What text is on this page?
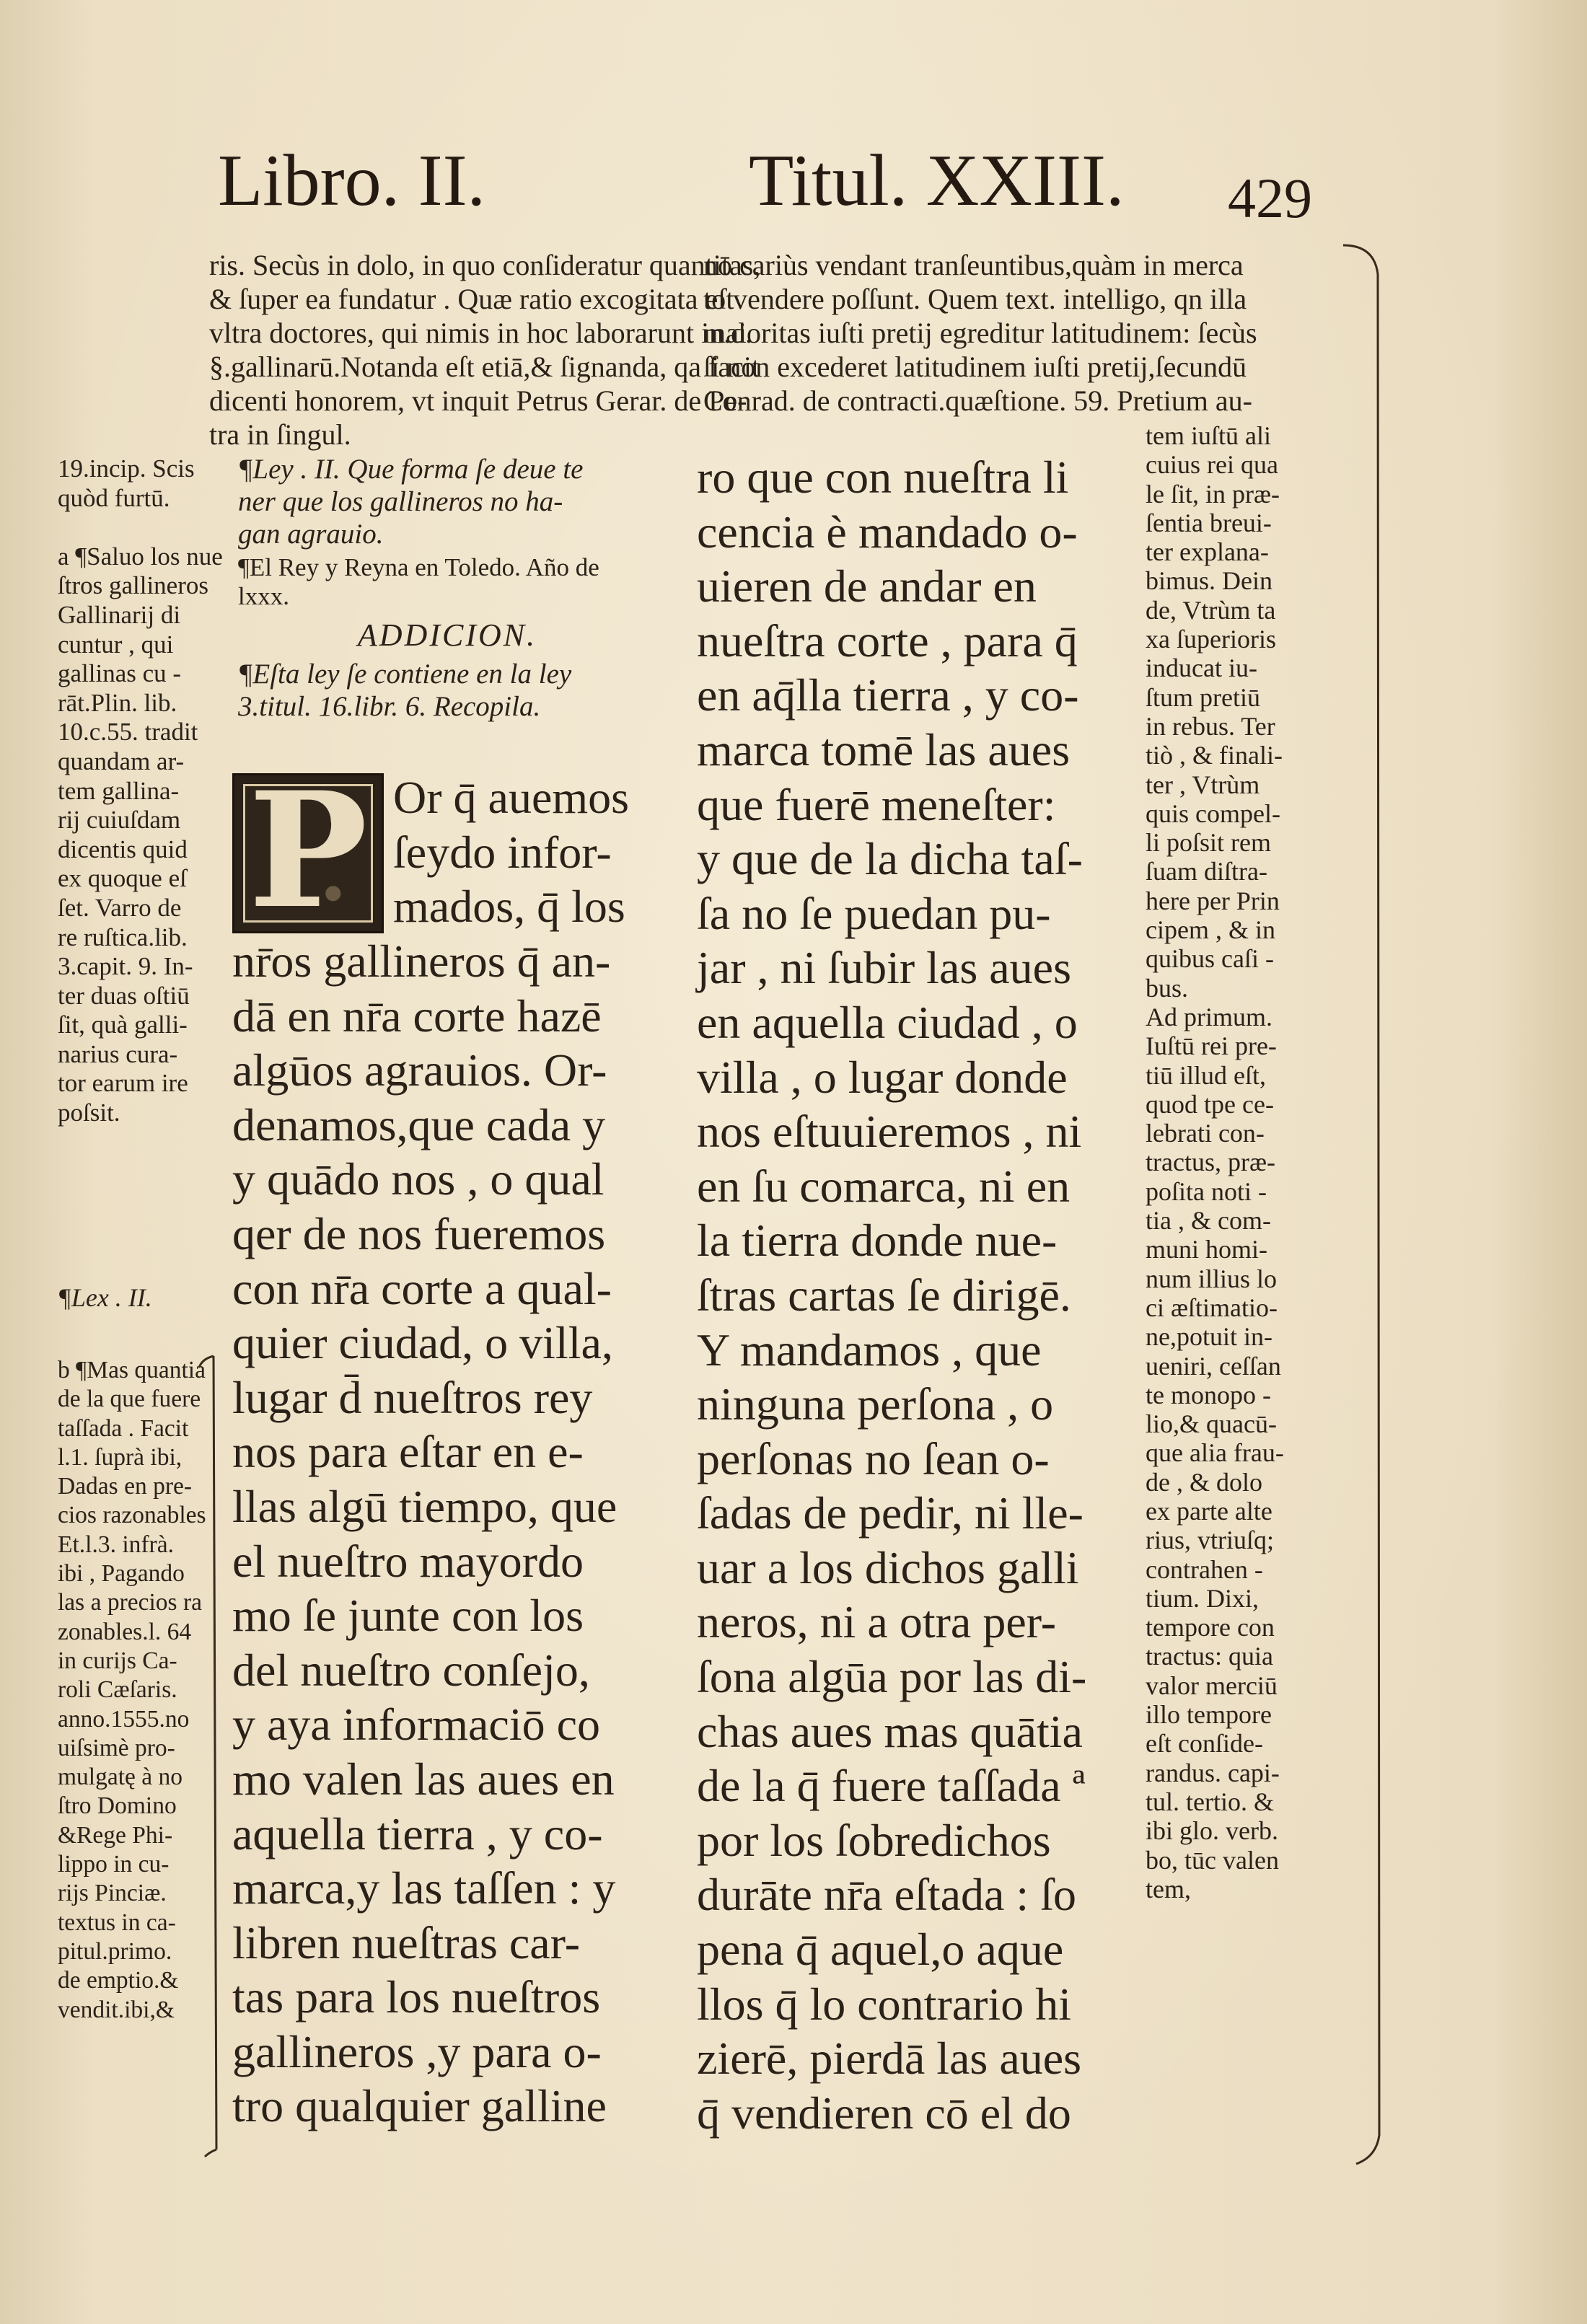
Libro. II.	Titul. XXIII. 429
ris. Secùs in dolo, in quo conſideratur quantitas,
& ſuper ea fundatur . Quæ ratio excogitata eſt
vltra doctores, qui nimis in hoc laborarunt in.d.
§.gallinarū.Notanda eſt etiā,& ſignanda, qa facit
dicenti honorem, vt inquit Petrus Gerar. de Pe-
tra in ſingul.
nō cariùs vendant tranſeuntibus,quàm in merca
to vendere poſſunt. Quem text. intelligo, qn illa
maioritas iuſti pretij egreditur latitudinem: ſecùs
ſi non excederet latitudinem iuſti pretij,ſecundū
Conrad. de contracti.quæſtione. 59. Pretium au-
19.incip. Scis
quòd furtū.

a ¶Saluo los nue
ſtros gallineros
Gallinarij di
cuntur , qui
gallinas cu -
rāt.Plin. lib.
10.c.55. tradit
quandam ar-
tem gallina-
rij cuiuſdam
dicentis quid
ex quoque eſ
ſet. Varro de
re ruſtica.lib.
3.capit. 9. In-
ter duas oſtiū
ſit, quà galli-
narius cura-
tor earum ire
poſsit.
¶Lex . II.
b ¶Mas quantia
de la que fuere
taſſada . Facit
l.1. ſuprà ibi,
Dadas en pre-
cios razonables
Et.l.3. infrà.
ibi , Pagando
las a precios ra
zonables.l. 64
in curijs Ca-
roli Cæſaris.
anno.1555.no
uiſsimè pro-
mulgatę à no
ſtro Domino
&Rege Phi-
lippo in cu-
rijs Pinciæ.
textus in ca-
pitul.primo.
de emptio.&
vendit.ibi,&
¶Ley . II. Que forma ſe deue te
ner que los gallineros no ha-
gan agrauio.
¶El Rey y Reyna en Toledo. Año de
lxxx.
ADDICION.
¶Eſta ley ſe contiene en la ley
3.titul. 16.libr. 6. Recopila.
P Or q̄ auemos
ſeydo infor-
mados, q̄ los
nr̄os gallineros q̄ an-
dā en nr̄a corte hazē
algūos agrauios. Or-
denamos,que cada y
y quādo nos , o qual
qer de nos fueremos
con nr̄a corte a qual-
quier ciudad, o villa,
lugar d̄ nueſtros rey
nos para eſtar en e-
llas algū tiempo, que
el nueſtro mayordo
mo ſe junte con los
del nueſtro conſejo,
y aya informaciō co
mo valen las aues en
aquella tierra , y co-
marca,y las taſſen : y
libren nueſtras car-
tas para los nueſtros
gallineros ,y para o-
tro qualquier galline
ro que con nueſtra li
cencia è mandado o-
uieren de andar en
nueſtra corte , para q̄
en aq̄lla tierra , y co-
marca tomē las aues
que fuerē meneſter:
y que de la dicha taſ-
ſa no ſe puedan pu-
jar , ni ſubir las aues
en aquella ciudad , o
villa , o lugar donde
nos eſtuuieremos , ni
en ſu comarca, ni en
la tierra donde nue-
ſtras cartas ſe dirigē.
Y mandamos , que
ninguna perſona , o
perſonas no ſean o-
ſadas de pedir, ni lle-
uar a los dichos galli
neros, ni a otra per-
ſona algūa por las di-
chas aues mas quātia
de la q̄ fuere taſſada ª
por los ſobredichos
durāte nr̄a eſtada : ſo
pena q̄ aquel,o aque
llos q̄ lo contrario hi
zierē, pierdā las aues
q̄ vendieren cō el do
tem iuſtū ali
cuius rei qua
le ſit, in præ-
ſentia breui-
ter explana-
bimus. Dein
de, Vtrùm ta
xa ſuperioris
inducat iu-
ſtum pretiū
in rebus. Ter
tiò , & finali-
ter , Vtrùm
quis compel-
li poſsit rem
ſuam diſtra-
here per Prin
cipem , & in
quibus caſi -
bus.
Ad primum.
Iuſtū rei pre-
tiū illud eſt,
quod tpe ce-
lebrati con-
tractus, præ-
poſita noti -
tia , & com-
muni homi-
num illius lo
ci æſtimatio-
ne,potuit in-
ueniri, ceſſan
te monopo -
lio,& quacū-
que alia frau-
de , & dolo
ex parte alte
rius, vtriuſq;
contrahen -
tium. Dixi,
tempore con
tractus: quia
valor merciū
illo tempore
eſt conſide-
randus. capi-
tul. tertio. &
ibi glo. verb.
bo, tūc valen
tem,
